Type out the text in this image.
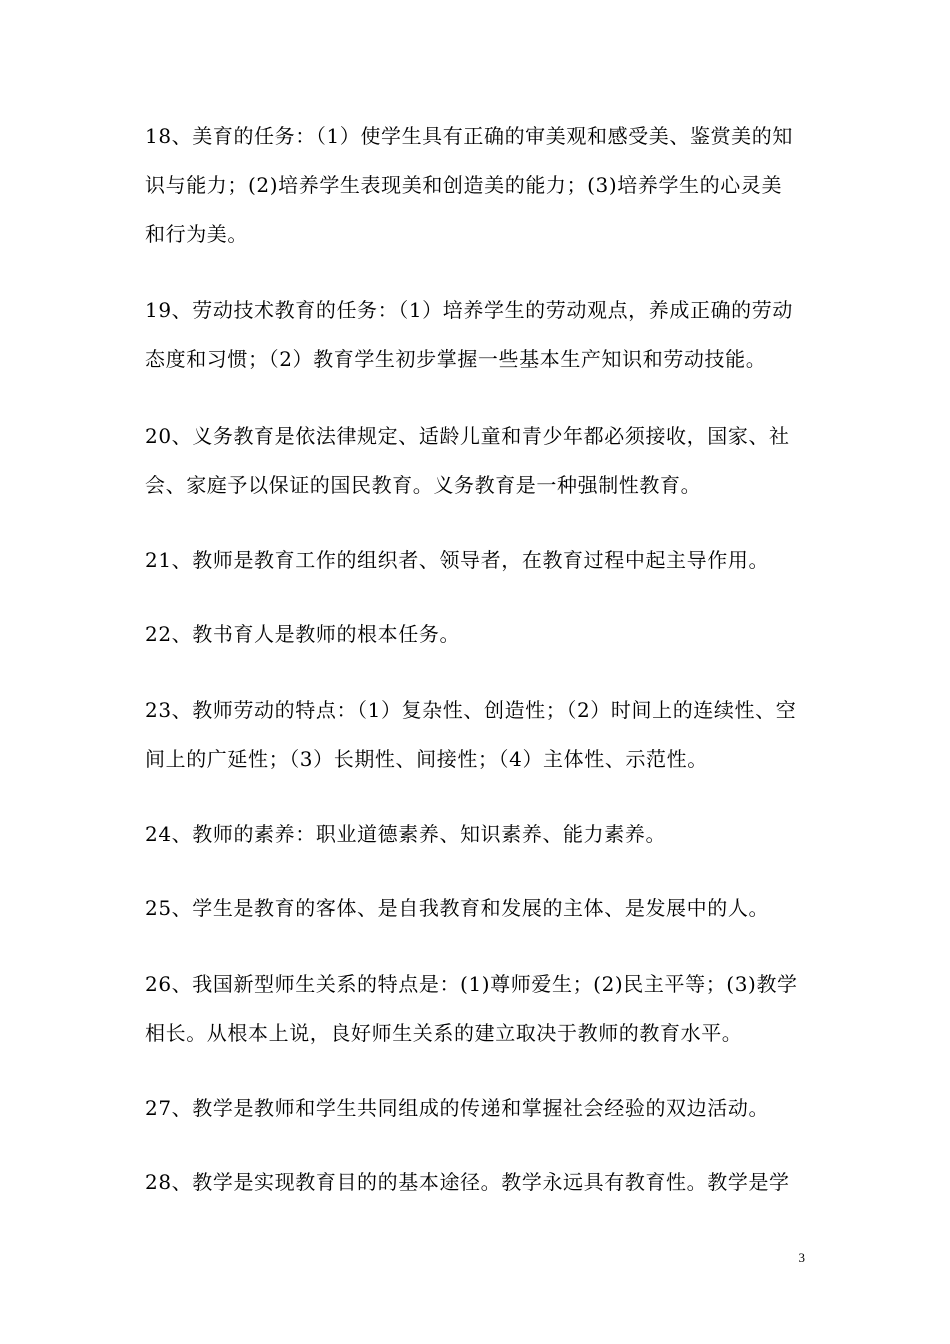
18、美育的任务：（1）使学生具有正确的审美观和感受美、鉴赏美的知
识与能力；(2)培养学生表现美和创造美的能力；(3)培养学生的心灵美
和行为美。

19、劳动技术教育的任务：（1）培养学生的劳动观点，养成正确的劳动
态度和习惯；（2）教育学生初步掌握一些基本生产知识和劳动技能。

20、义务教育是依法律规定、适龄儿童和青少年都必须接收，国家、社
会、家庭予以保证的国民教育。义务教育是一种强制性教育。

21、教师是教育工作的组织者、领导者，在教育过程中起主导作用。

22、教书育人是教师的根本任务。

23、教师劳动的特点：（1）复杂性、创造性；（2）时间上的连续性、空
间上的广延性；（3）长期性、间接性；（4）主体性、示范性。

24、教师的素养：职业道德素养、知识素养、能力素养。

25、学生是教育的客体、是自我教育和发展的主体、是发展中的人。

26、我国新型师生关系的特点是：(1)尊师爱生；(2)民主平等；(3)教学
相长。从根本上说，良好师生关系的建立取决于教师的教育水平。

27、教学是教师和学生共同组成的传递和掌握社会经验的双边活动。

28、教学是实现教育目的的基本途径。教学永远具有教育性。教学是学

3
